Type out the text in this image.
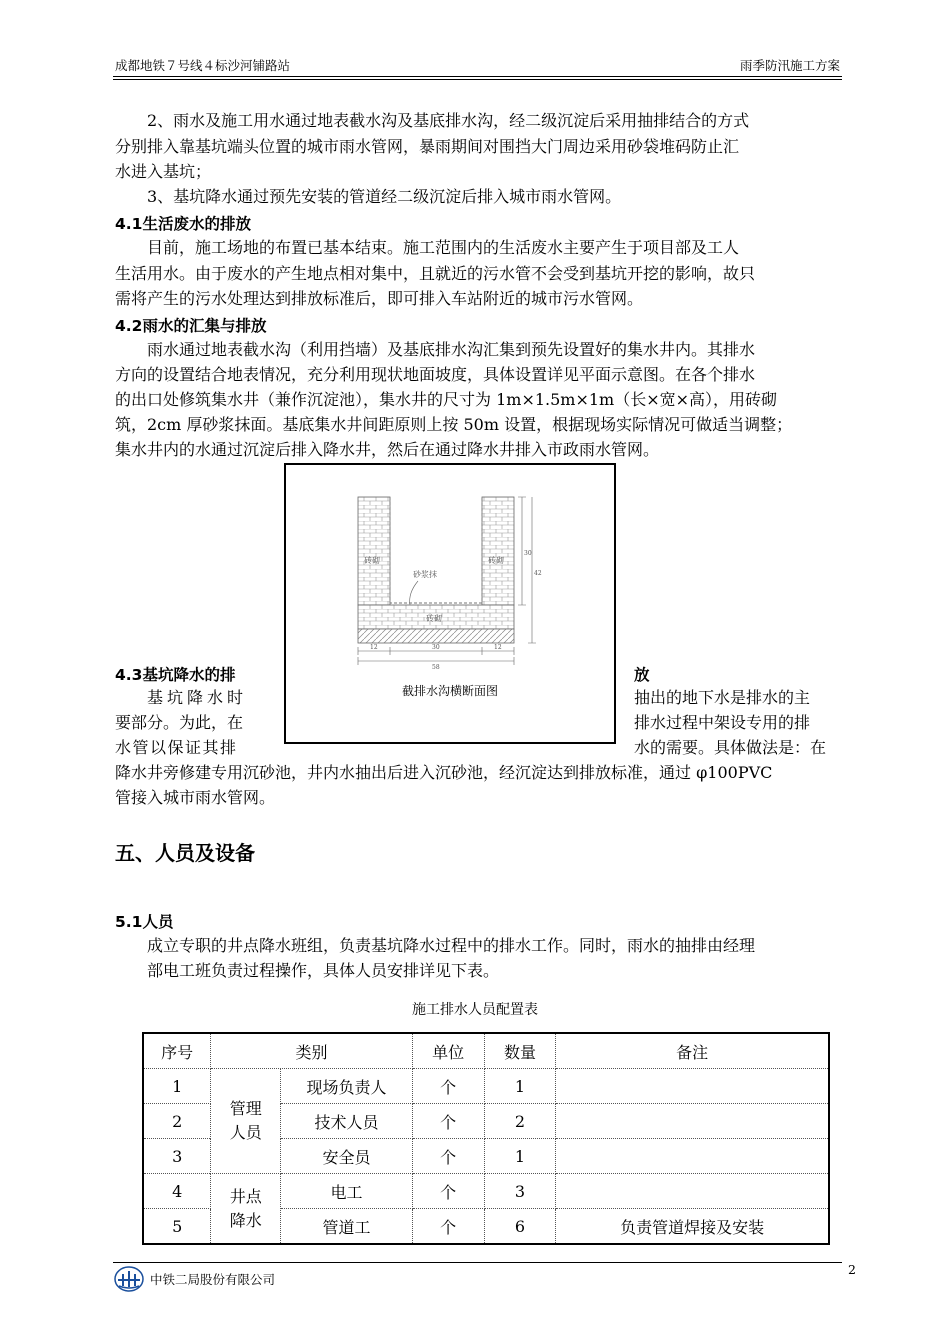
成都地铁７号线４标沙河铺路站	雨季防汛施工方案
2、雨水及施工用水通过地表截水沟及基底排水沟，经二级沉淀后采用抽排结合的方式
分别排入靠基坑端头位置的城市雨水管网，暴雨期间对围挡大门周边采用砂袋堆码防止汇
水进入基坑；
3、基坑降水通过预先安装的管道经二级沉淀后排入城市雨水管网。
4.1生活废水的排放
目前，施工场地的布置已基本结束。施工范围内的生活废水主要产生于项目部及工人
生活用水。由于废水的产生地点相对集中，且就近的污水管不会受到基坑开挖的影响，故只
需将产生的污水处理达到排放标准后，即可排入车站附近的城市污水管网。
4.2雨水的汇集与排放
雨水通过地表截水沟（利用挡墙）及基底排水沟汇集到预先设置好的集水井内。其排水
方向的设置结合地表情况，充分利用现状地面坡度，具体设置详见平面示意图。在各个排水
的出口处修筑集水井（兼作沉淀池），集水井的尺寸为 1m×1.5m×1m（长×宽×高），用砖砌
筑，2cm 厚砂浆抹面。基底集水井间距原则上按 50m 设置，根据现场实际情况可做适当调整；
集水井内的水通过沉淀后排入降水井，然后在通过降水井排入市政雨水管网。
砖砌	砖砌
砖砌
砂浆抹
12	30	12
58
30
42
截排水沟横断面图
4.3基坑降水的排	放
基坑降水时
要部分。为此，在
水管以保证其排
抽出的地下水是排水的主
排水过程中架设专用的排
水的需要。具体做法是：在
降水井旁修建专用沉砂池，井内水抽出后进入沉砂池，经沉淀达到排放标准，通过 φ100PVC
管接入城市雨水管网。
五、人员及设备
5.1人员
成立专职的井点降水班组，负责基坑降水过程中的排水工作。同时，雨水的抽排由经理
部电工班负责过程操作，具体人员安排详见下表。
施工排水人员配置表
序号	类别		单位	数量	备注
1	管理人员	现场负责人	个	1	
2		技术人员	个	2	
3		安全员	个	1	
4	井点降水	电工	个	3	
5		管道工	个	6	负责管道焊接及安装
中铁二局股份有限公司
2
